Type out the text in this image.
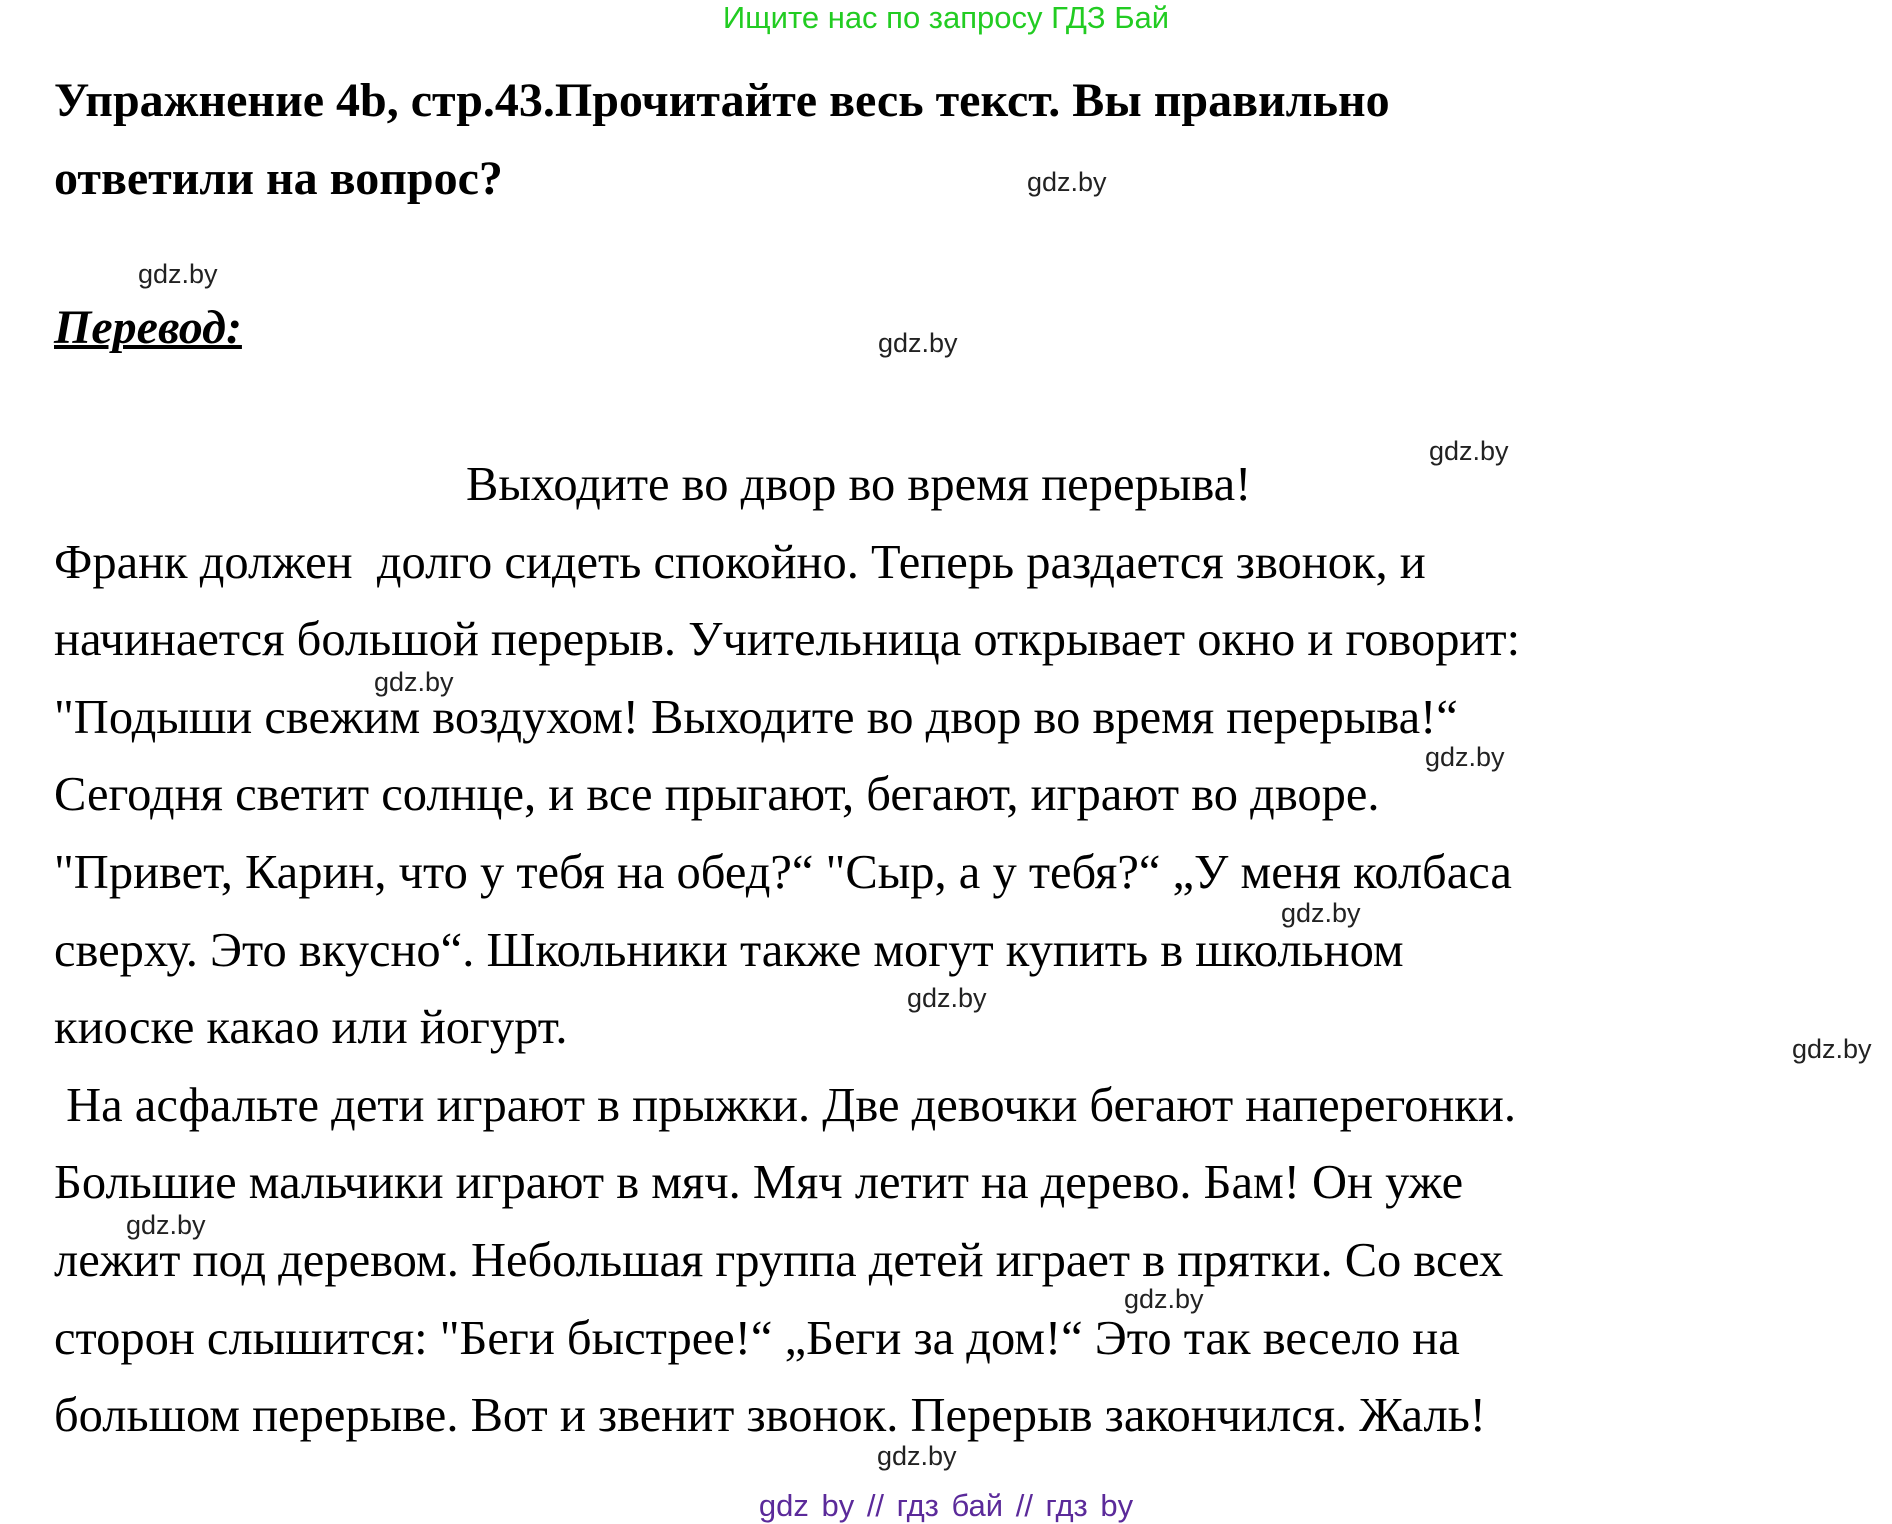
Ищите нас по запросу ГДЗ Бай
Упражнение 4b, стр.43.Прочитайте весь текст. Вы правильно
ответили на вопрос?
Перевод:
Выходите во двор во время перерыва!
Франк должен  долго сидеть спокойно. Теперь раздается звонок, и
начинается большой перерыв. Учительница открывает окно и говорит:
"Подыши свежим воздухом! Выходите во двор во время перерыва!“
Сегодня светит солнце, и все прыгают, бегают, играют во дворе.
"Привет, Карин, что у тебя на обед?“ "Сыр, а у тебя?“ „У меня колбаса
сверху. Это вкусно“. Школьники также могут купить в школьном
киоске какао или йогурт.
На асфальте дети играют в прыжки. Две девочки бегают наперегонки.
Большие мальчики играют в мяч. Мяч летит на дерево. Бам! Он уже
лежит под деревом. Небольшая группа детей играет в прятки. Со всех
сторон слышится: "Беги быстрее!“ „Беги за дом!“ Это так весело на
большом перерыве. Вот и звенит звонок. Перерыв закончился. Жаль!
gdz.by
gdz.by
gdz.by
gdz.by
gdz.by
gdz.by
gdz.by
gdz.by
gdz.by
gdz.by
gdz.by
gdz.by
gdz by // гдз бай // гдз by
